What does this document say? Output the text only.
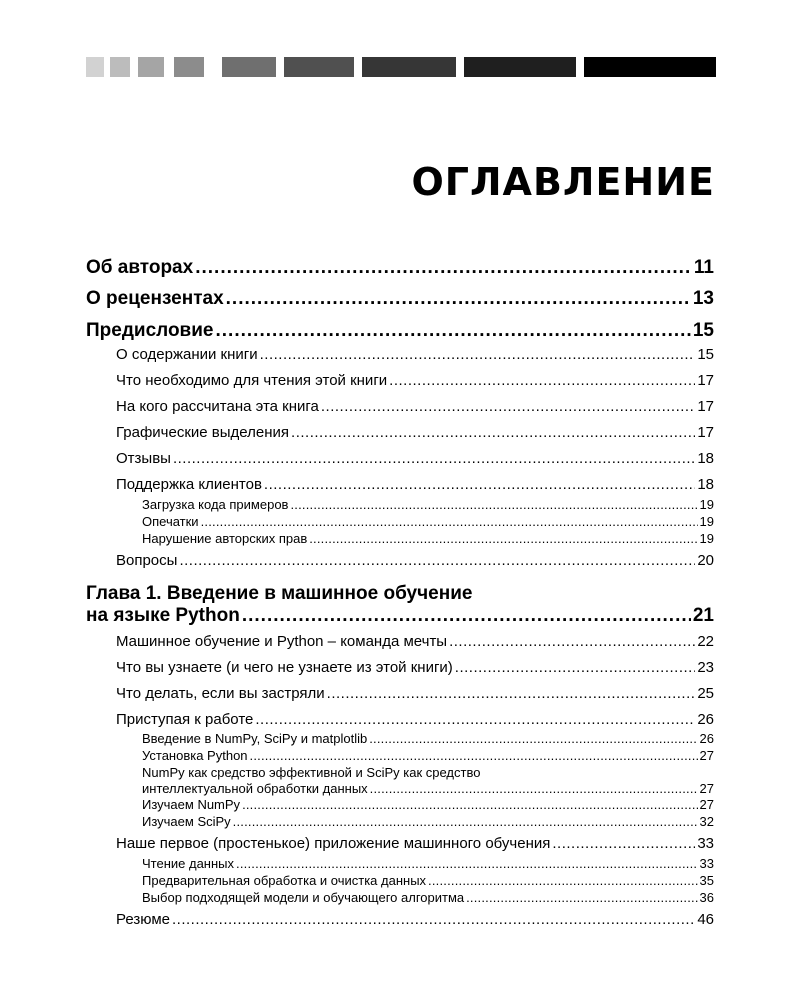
ОГЛАВЛЕНИЕ
Об авторах .....	11
О рецензентах .....	13
Предисловие .....	15
О содержании книги .....	15
Что необходимо для чтения этой книги .....	17
На кого рассчитана эта книга .....	17
Графические выделения .....	17
Отзывы .....	18
Поддержка клиентов .....	18
Загрузка кода примеров .....	19
Опечатки .....	19
Нарушение авторских прав .....	19
Вопросы .....	20
Глава 1. Введение в машинное обучение
на языке Python .....	21
Машинное обучение и Python – команда мечты .....	22
Что вы узнаете (и чего не узнаете из этой книги) .....	23
Что делать, если вы застряли .....	25
Приступая к работе .....	26
Введение в NumPy, SciPy и matplotlib .....	26
Установка Python .....	27
NumPy как средство эффективной и SciPy как средство
интеллектуальной обработки данных .....	27
Изучаем NumPy .....	27
Изучаем SciPy .....	32
Наше первое (простенькое) приложение машинного обучения .....	33
Чтение данных .....	33
Предварительная обработка и очистка данных .....	35
Выбор подходящей модели и обучающего алгоритма .....	36
Резюме .....	46
